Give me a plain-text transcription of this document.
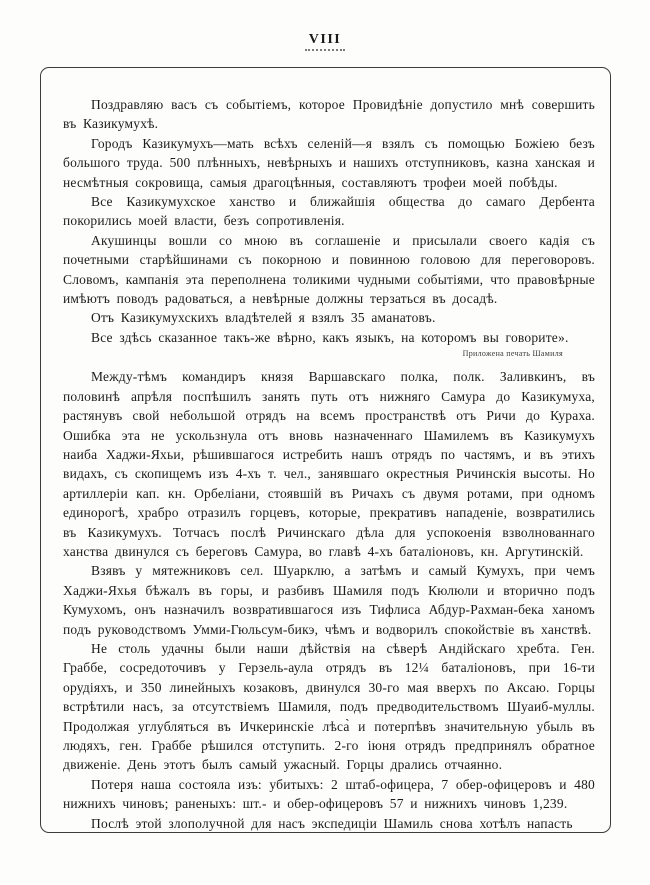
VIII

Поздравляю васъ съ событіемъ, которое Провидѣніе допустило мнѣ совершить въ Казикумухѣ.

Городъ Казикумухъ—мать всѣхъ селеній—я взялъ съ помощью Божіею безъ большого труда. 500 плѣнныхъ, невѣрныхъ и нашихъ отступниковъ, казна ханская и несмѣтныя сокровища, самыя драгоцѣнныя, составляютъ трофеи моей побѣды.

Все Казикумухское ханство и ближайшія общества до самаго Дербента покорились моей власти, безъ сопротивленія.

Акушинцы вошли со мною въ соглашеніе и присылали своего кадія съ почетными старѣйшинами съ покорною и повинною головою для переговоровъ. Словомъ, кампанія эта переполнена толикими чудными событіями, что правовѣрные имѣютъ поводъ радоваться, а невѣрные должны терзаться въ досадѣ.

Отъ Казикумухскихъ владѣтелей я взялъ 35 аманатовъ.

Все здѣсь сказанное такъ-же вѣрно, какъ языкъ, на которомъ вы говорите».

Приложена печать Шамиля

Между-тѣмъ командиръ князя Варшавскаго полка, полк. Заливкинъ, въ половинѣ апрѣля поспѣшилъ занять путь отъ нижняго Самура до Казикумуха, растянувъ свой небольшой отрядъ на всемъ пространствѣ отъ Ричи до Кураха. Ошибка эта не ускользнула отъ вновь назначеннаго Шамилемъ въ Казикумухъ наиба Хаджи-Яхьи, рѣшившагося истребить нашъ отрядъ по частямъ, и въ этихъ видахъ, съ скопищемъ изъ 4-хъ т. чел., занявшаго окрестныя Ричинскія высоты. Но артиллеріи кап. кн. Орбеліани, стоявшій въ Ричахъ съ двумя ротами, при одномъ единорогѣ, храбро отразилъ горцевъ, которые, прекративъ нападеніе, возвратились въ Казикумухъ. Тотчасъ послѣ Ричинскаго дѣла для успокоенія взволнованнаго ханства двинулся съ береговъ Самура, во главѣ 4-хъ баталіоновъ, кн. Аргутинскій.

Взявъ у мятежниковъ сел. Шуарклю, а затѣмъ и самый Кумухъ, при чемъ Хаджи-Яхья бѣжалъ въ горы, и разбивъ Шамиля подъ Кюлюли и вторично подъ Кумухомъ, онъ назначилъ возвратившагося изъ Тифлиса Абдур-Рахман-бека ханомъ подъ руководствомъ Умми-Гюльсум-бикэ, чѣмъ и водворилъ спокойствіе въ ханствѣ.

Не столь удачны были наши дѣйствія на сѣверѣ Андійскаго хребта. Ген. Граббе, сосредоточивъ у Герзель-аула отрядъ въ 12¼ баталіоновъ, при 16-ти орудіяхъ, и 350 линейныхъ козаковъ, двинулся 30-го мая вверхъ по Аксаю. Горцы встрѣтили насъ, за отсутствіемъ Шамиля, подъ предводительствомъ Шуаиб-муллы. Продолжая углубляться въ Ичкеринскіе лѣса̀ и потерпѣвъ значительную убыль въ людяхъ, ген. Граббе рѣшился отступить. 2-го іюня отрядъ предпринялъ обратное движеніе. День этотъ былъ самый ужасный. Горцы дрались отчаянно.

Потеря наша состояла изъ: убитыхъ: 2 штаб-офицера, 7 обер-офицеровъ и 480 нижнихъ чиновъ; раненыхъ: шт.- и обер-офицеровъ 57 и нижнихъ чиновъ 1,239.

Послѣ этой злополучной для насъ экспедиціи Шамиль снова хотѣлъ напасть
